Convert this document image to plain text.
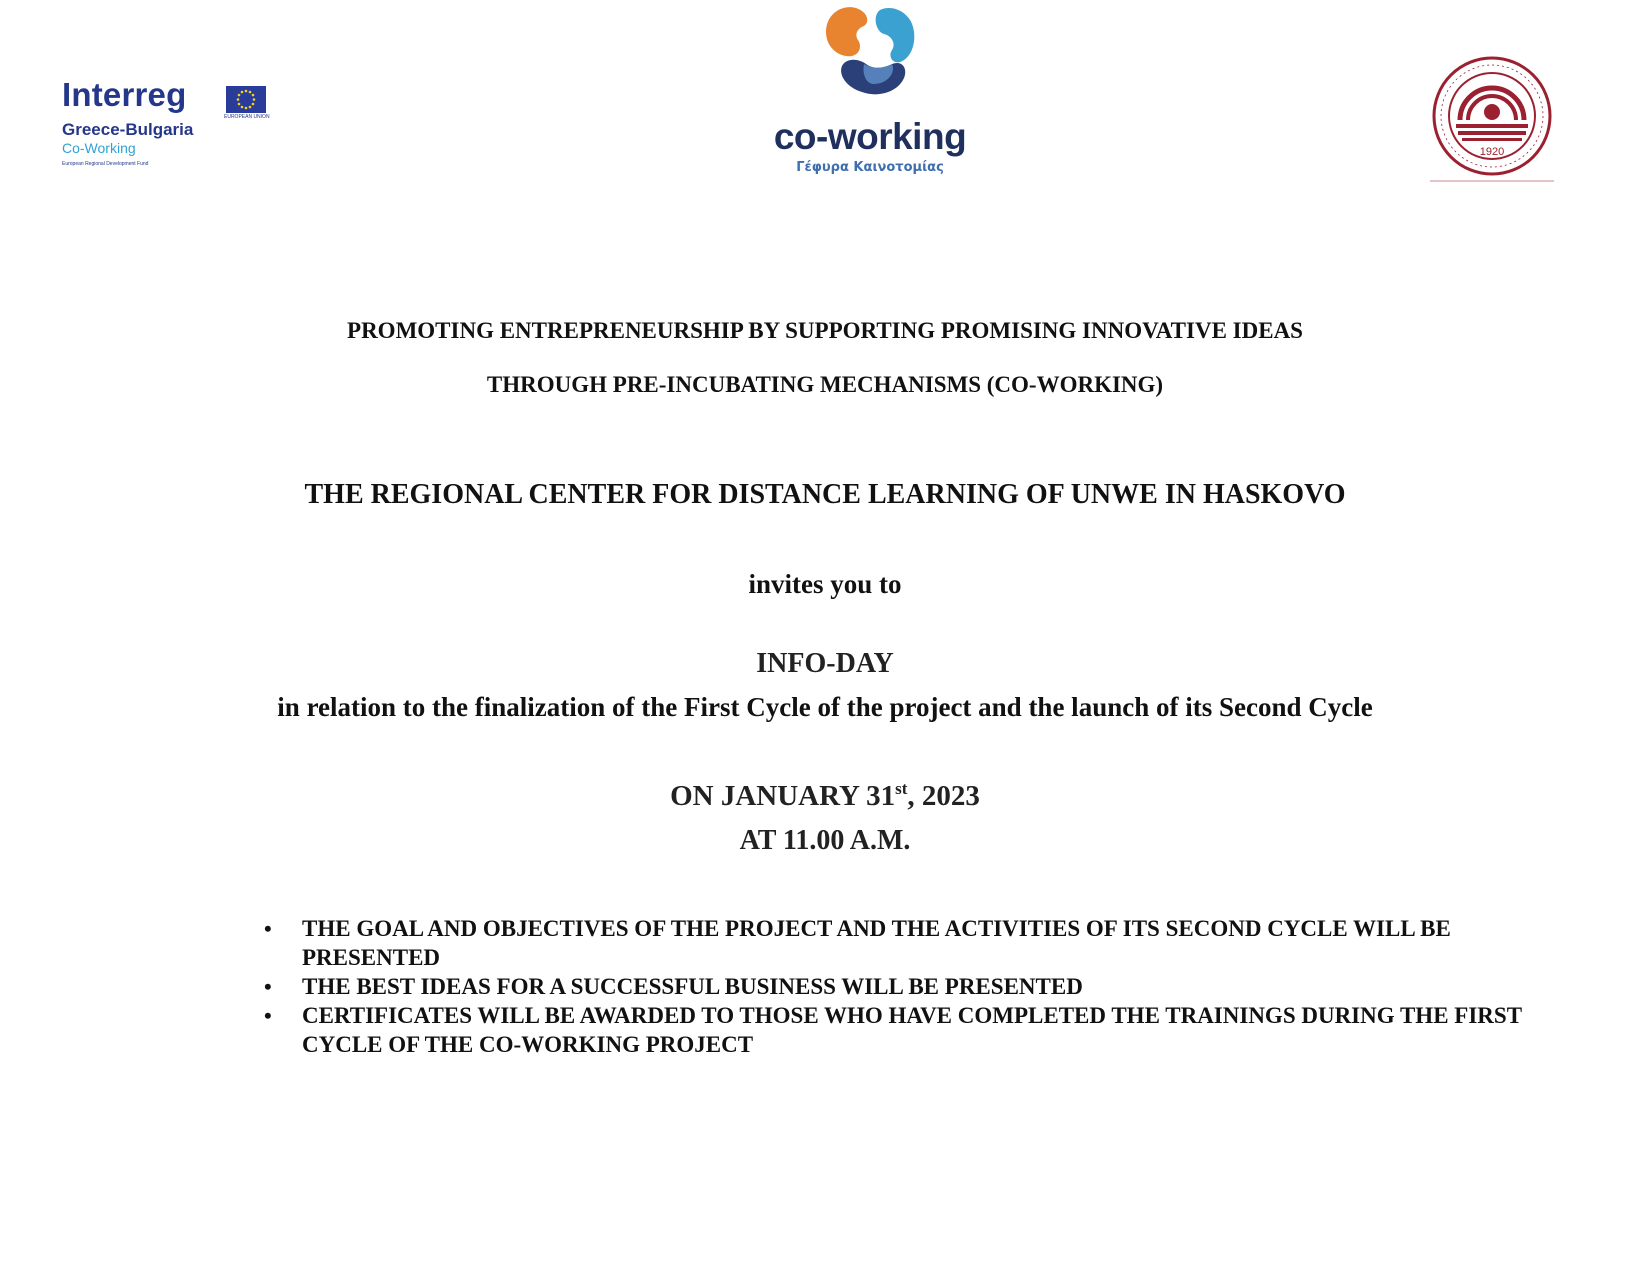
Interreg
EUROPEAN UNION
Greece-Bulgaria
Co-Working
European Regional Development Fund
co-working
Γέφυρα Καινοτομίας
1920
PROMOTING ENTREPRENEURSHIP BY SUPPORTING PROMISING INNOVATIVE IDEAS
THROUGH PRE-INCUBATING MECHANISMS (CO-WORKING)
THE REGIONAL CENTER FOR DISTANCE LEARNING OF UNWE IN HASKOVO
invites you to
INFO-DAY
in relation to the finalization of the First Cycle of the project and the launch of its Second Cycle
ON JANUARY 31st, 2023
AT 11.00 A.M.
• THE GOAL AND OBJECTIVES OF THE PROJECT AND THE ACTIVITIES OF ITS SECOND CYCLE WILL BE PRESENTED
• THE BEST IDEAS FOR A SUCCESSFUL BUSINESS WILL BE PRESENTED
• CERTIFICATES WILL BE AWARDED TO THOSE WHO HAVE COMPLETED THE TRAININGS DURING THE FIRST CYCLE OF THE CO-WORKING PROJECT
